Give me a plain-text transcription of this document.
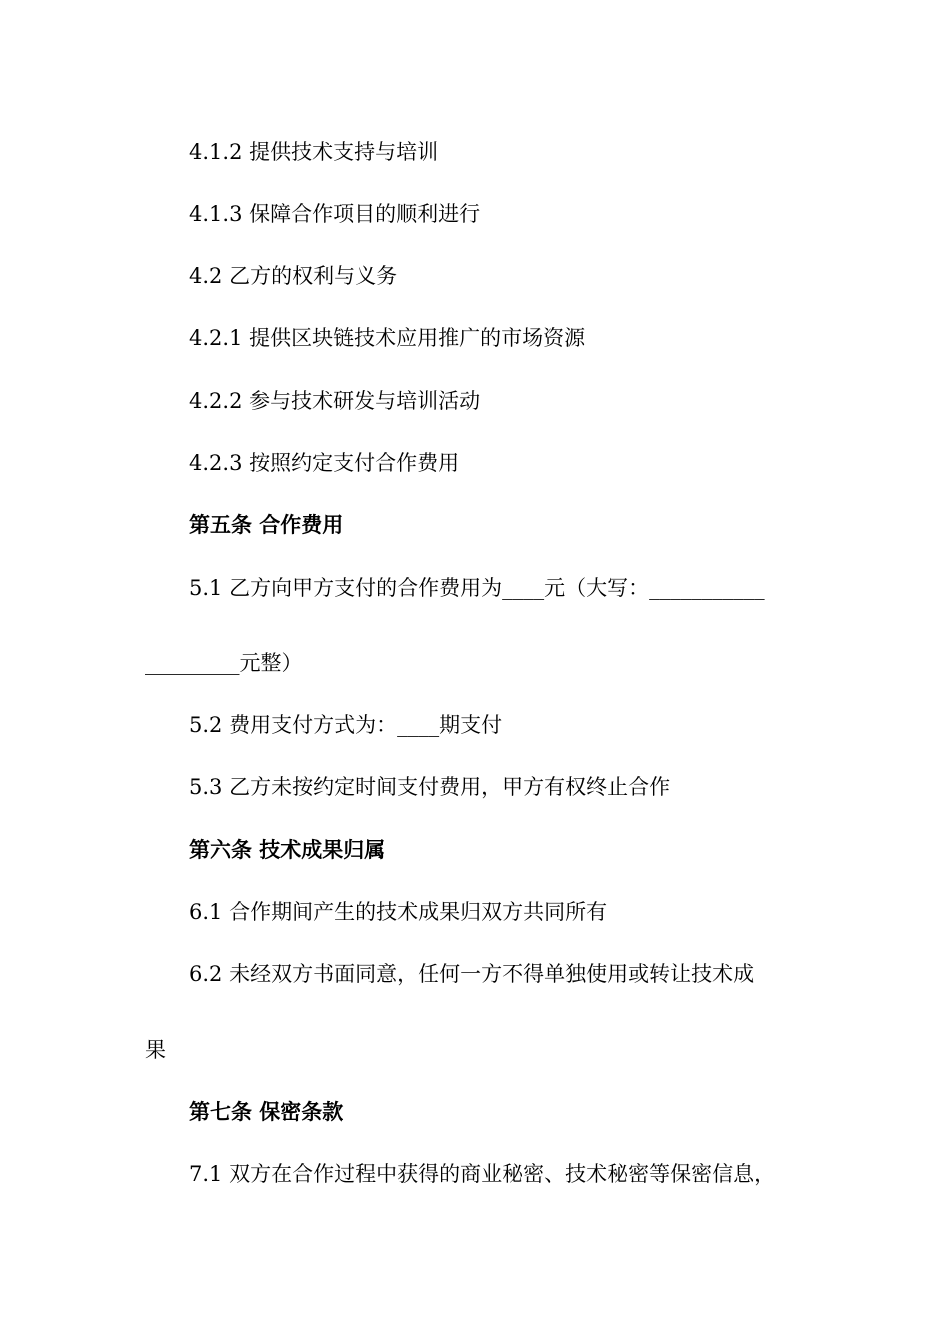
4.1.2 提供技术支持与培训
4.1.3 保障合作项目的顺利进行
4.2 乙方的权利与义务
4.2.1 提供区块链技术应用推广的市场资源
4.2.2 参与技术研发与培训活动
4.2.3 按照约定支付合作费用
第五条 合作费用
5.1 乙方向甲方支付的合作费用为____元（大写：___________
_________元整）
5.2 费用支付方式为：____期支付
5.3 乙方未按约定时间支付费用，甲方有权终止合作
第六条 技术成果归属
6.1 合作期间产生的技术成果归双方共同所有
6.2 未经双方书面同意，任何一方不得单独使用或转让技术成
果
第七条 保密条款
7.1 双方在合作过程中获得的商业秘密、技术秘密等保密信息，
